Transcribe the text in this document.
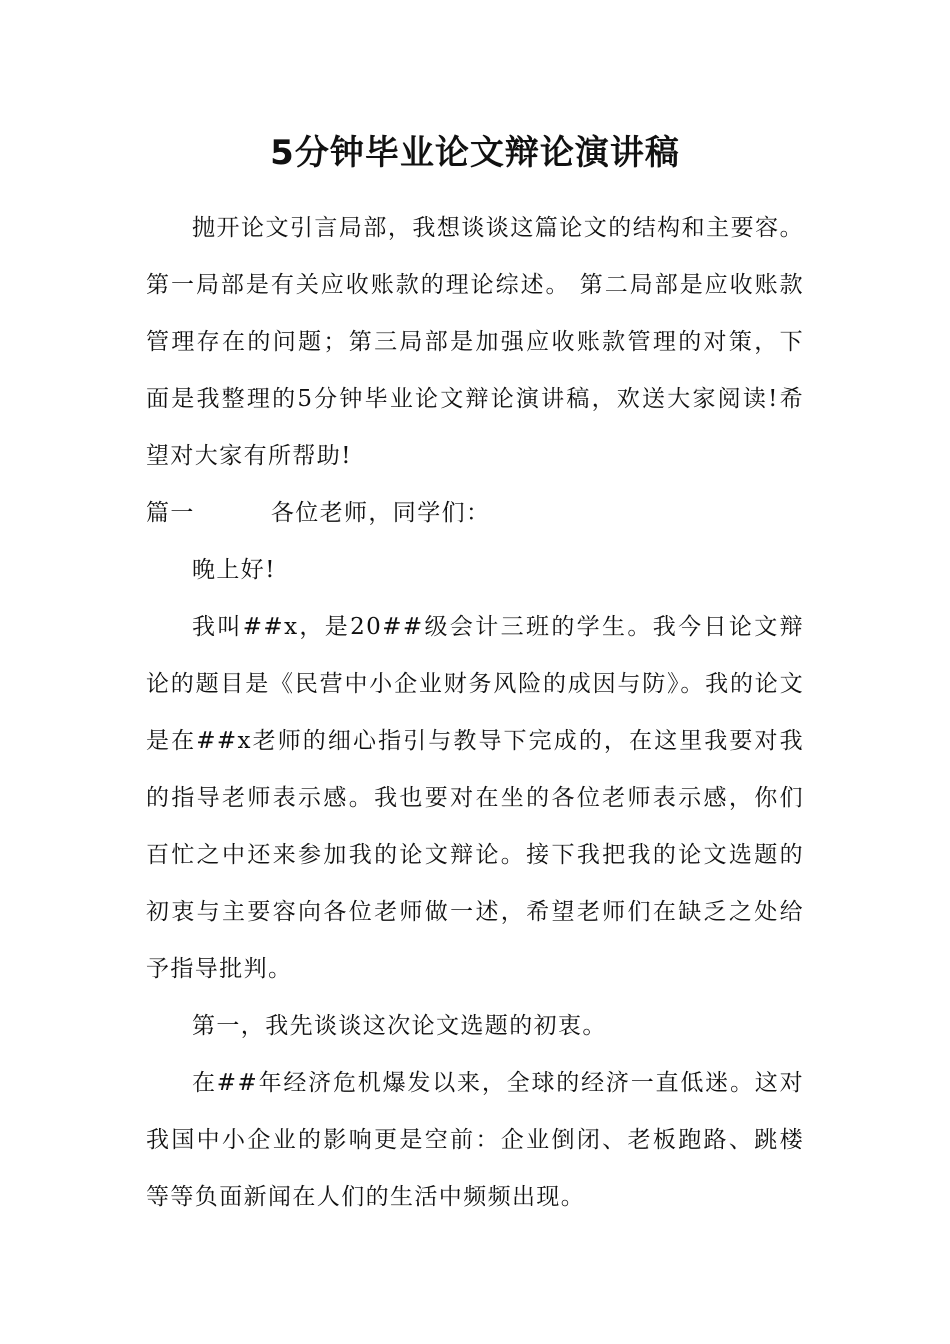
5分钟毕业论文辩论演讲稿

抛开论文引言局部，我想谈谈这篇论文的结构和主要容。 第一局部是有关应收账款的理论综述。 第二局部是应收账款管理存在的问题；第三局部是加强应收账款管理的对策，下面是我整理的5分钟毕业论文辩论演讲稿，欢送大家阅读!希望对大家有所帮助!

篇一	各位老师，同学们：

晚上好!

我叫##x，是20##级会计三班的学生。我今日论文辩论的题目是《民营中小企业财务风险的成因与防》。我的论文是在##x老师的细心指引与教导下完成的，在这里我要对我的指导老师表示感。我也要对在坐的各位老师表示感，你们百忙之中还来参加我的论文辩论。接下我把我的论文选题的初衷与主要容向各位老师做一述，希望老师们在缺乏之处给予指导批判。

第一，我先谈谈这次论文选题的初衷。

在##年经济危机爆发以来，全球的经济一直低迷。这对我国中小企业的影响更是空前：企业倒闭、老板跑路、跳楼等等负面新闻在人们的生活中频频出现。
